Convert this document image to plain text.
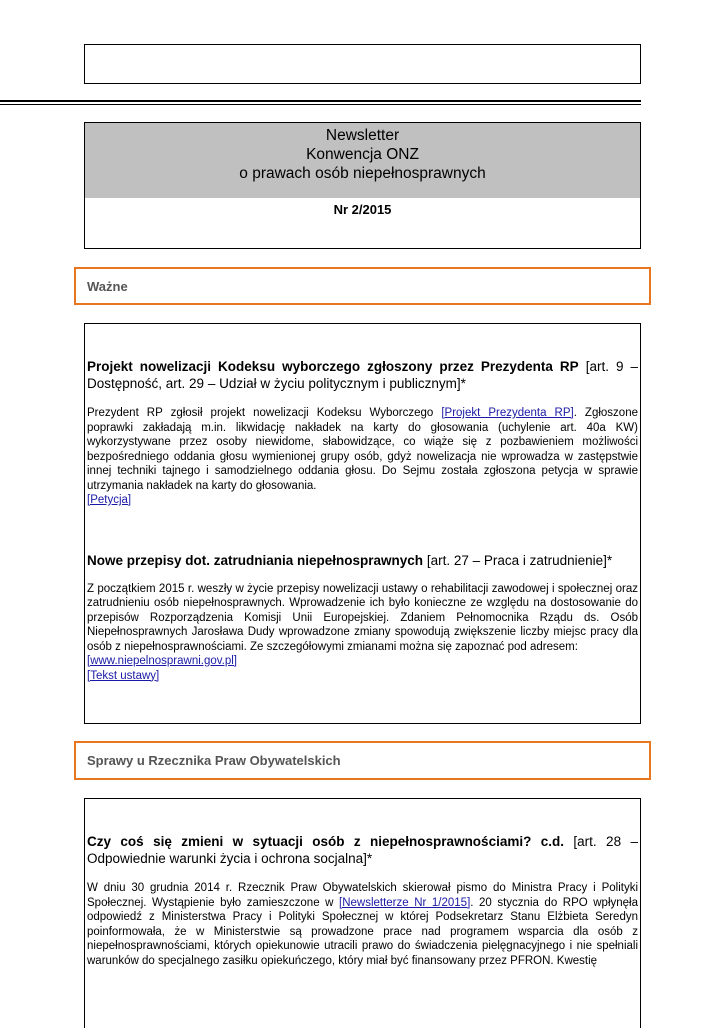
Newsletter
Konwencja ONZ
o prawach osób niepełnosprawnych
Nr 2/2015
Ważne

Projekt nowelizacji Kodeksu wyborczego zgłoszony przez Prezydenta RP [art. 9 – Dostępność, art. 29 – Udział w życiu politycznym i publicznym]*

Prezydent RP zgłosił projekt nowelizacji Kodeksu Wyborczego [Projekt Prezydenta RP]. Zgłoszone poprawki zakładają m.in. likwidację nakładek na karty do głosowania (uchylenie art. 40a KW) wykorzystywane przez osoby niewidome, słabowidzące, co wiąże się z pozbawieniem możliwości bezpośredniego oddania głosu wymienionej grupy osób, gdyż nowelizacja nie wprowadza w zastępstwie innej techniki tajnego i samodzielnego oddania głosu. Do Sejmu została zgłoszona petycja w sprawie utrzymania nakładek na karty do głosowania.
[Petycja]

Nowe przepisy dot. zatrudniania niepełnosprawnych [art. 27 – Praca i zatrudnienie]*

Z początkiem 2015 r. weszły w życie przepisy nowelizacji ustawy o rehabilitacji zawodowej i społecznej oraz zatrudnieniu osób niepełnosprawnych. Wprowadzenie ich było konieczne ze względu na dostosowanie do przepisów Rozporządzenia Komisji Unii Europejskiej. Zdaniem Pełnomocnika Rządu ds. Osób Niepełnosprawnych Jarosława Dudy wprowadzone zmiany spowodują zwiększenie liczby miejsc pracy dla osób z niepełnosprawnościami. Ze szczegółowymi zmianami można się zapoznać pod adresem:
[www.niepelnosprawni.gov.pl]
[Tekst ustawy]

Sprawy u Rzecznika Praw Obywatelskich

Czy coś się zmieni w sytuacji osób z niepełnosprawnościami? c.d. [art. 28 – Odpowiednie warunki życia i ochrona socjalna]*

W dniu 30 grudnia 2014 r. Rzecznik Praw Obywatelskich skierował pismo do Ministra Pracy i Polityki Społecznej. Wystąpienie było zamieszczone w [Newsletterze Nr 1/2015]. 20 stycznia do RPO wpłynęła odpowiedź z Ministerstwa Pracy i Polityki Społecznej w której Podsekretarz Stanu Elżbieta Seredyn poinformowała, że w Ministerstwie są prowadzone prace nad programem wsparcia dla osób z niepełnosprawnościami, których opiekunowie utracili prawo do świadczenia pielęgnacyjnego i nie spełniali warunków do specjalnego zasiłku opiekuńczego, który miał być finansowany przez PFRON. Kwestię
